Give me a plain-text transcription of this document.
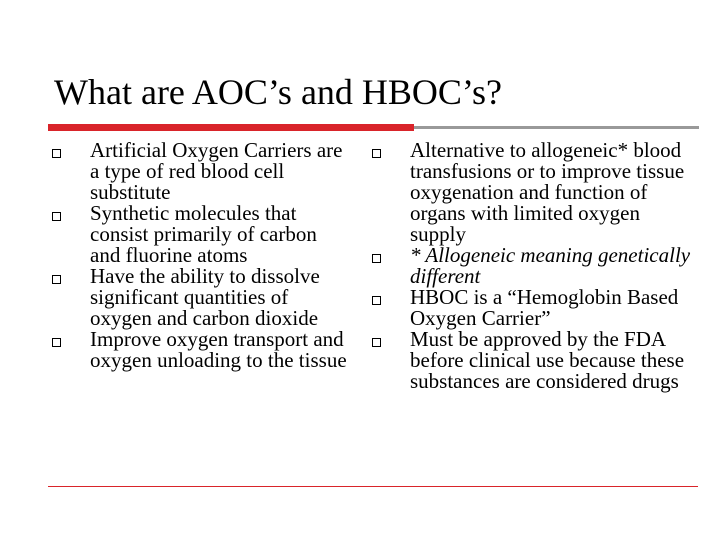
What are AOC’s and HBOC’s?
Artificial Oxygen Carriers are a type of red blood cell substitute
Synthetic molecules that consist primarily of carbon and fluorine atoms
Have the ability to dissolve significant quantities of oxygen and carbon dioxide
Improve oxygen transport and oxygen unloading to the tissue
Alternative to allogeneic* blood transfusions or to improve tissue oxygenation and function of organs with limited oxygen supply
* Allogeneic meaning genetically different
HBOC is a “Hemoglobin Based Oxygen Carrier”
Must be approved by the FDA before clinical use because these substances are considered drugs
